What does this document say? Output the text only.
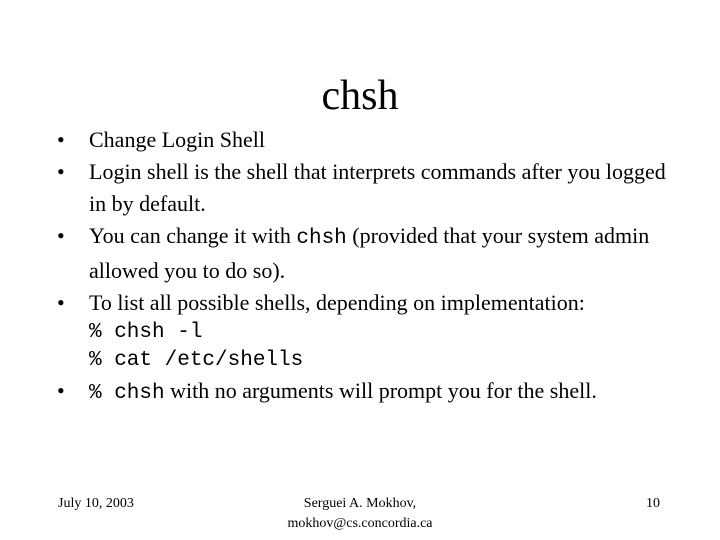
chsh
•	Change Login Shell
•	Login shell is the shell that interprets commands after you logged in by default.
•	You can change it with chsh (provided that your system admin allowed you to do so).
•	To list all possible shells, depending on implementation:
% chsh -l
% cat /etc/shells
•	% chsh with no arguments will prompt you for the shell.
July 10, 2003	Serguei A. Mokhov,
mokhov@cs.concordia.ca
10
